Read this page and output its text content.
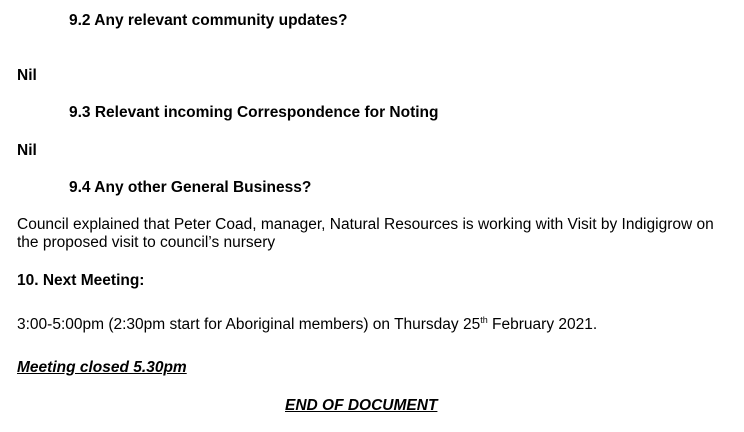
9.2 Any relevant community updates?
Nil
9.3 Relevant incoming Correspondence for Noting
Nil
9.4 Any other General Business?
Council explained that Peter Coad, manager, Natural Resources is working with Visit by Indigigrow on the proposed visit to council’s nursery
10. Next Meeting:
3:00-5:00pm (2:30pm start for Aboriginal members) on Thursday 25th February 2021.
Meeting closed 5.30pm
END OF DOCUMENT
